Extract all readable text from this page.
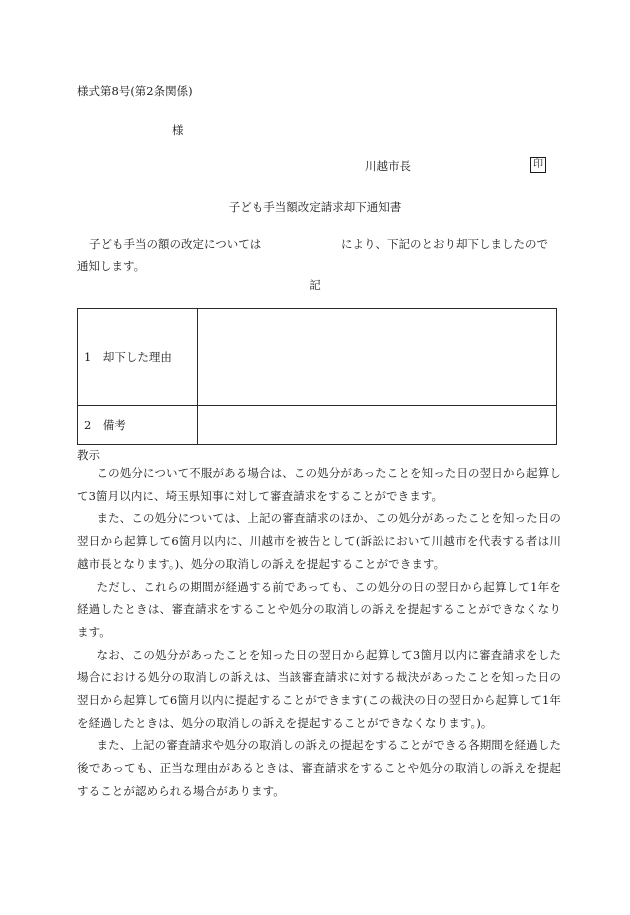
様式第8号(第2条関係)
様
川越市長	印
子ども手当額改定請求却下通知書
子ども手当の額の改定については	により、下記のとおり却下しましたので
通知します。
記
1　却下した理由	
2　備考	
教示

この処分について不服がある場合は、この処分があったことを知った日の翌日から起算して3箇月以内に、埼玉県知事に対して審査請求をすることができます。

また、この処分については、上記の審査請求のほか、この処分があったことを知った日の翌日から起算して6箇月以内に、川越市を被告として(訴訟において川越市を代表する者は川越市長となります。)、処分の取消しの訴えを提起することができます。

ただし、これらの期間が経過する前であっても、この処分の日の翌日から起算して1年を経過したときは、審査請求をすることや処分の取消しの訴えを提起することができなくなります。

なお、この処分があったことを知った日の翌日から起算して3箇月以内に審査請求をした場合における処分の取消しの訴えは、当該審査請求に対する裁決があったことを知った日の翌日から起算して6箇月以内に提起することができます(この裁決の日の翌日から起算して1年を経過したときは、処分の取消しの訴えを提起することができなくなります。)。

また、上記の審査請求や処分の取消しの訴えの提起をすることができる各期間を経過した後であっても、正当な理由があるときは、審査請求をすることや処分の取消しの訴えを提起することが認められる場合があります。
